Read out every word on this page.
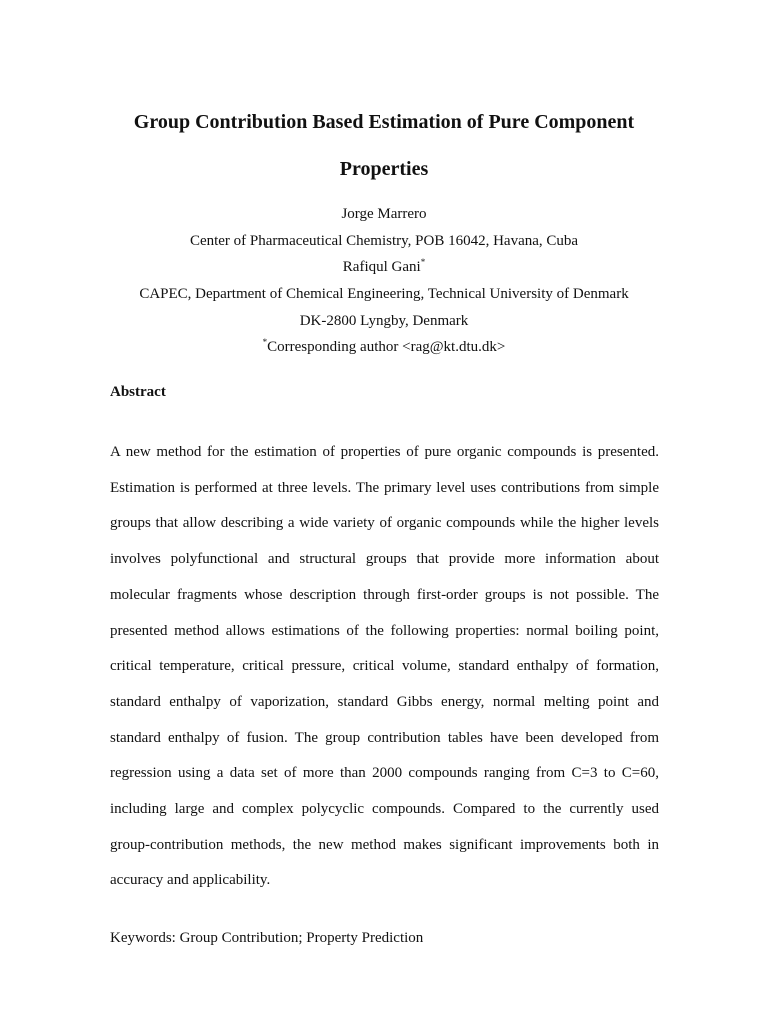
Group Contribution Based Estimation of Pure Component
Properties
Jorge Marrero
Center of Pharmaceutical Chemistry, POB 16042, Havana, Cuba
Rafiqul Gani*
CAPEC, Department of Chemical Engineering, Technical University of Denmark
DK-2800 Lyngby, Denmark
*Corresponding author <rag@kt.dtu.dk>
Abstract

A new method for the estimation of properties of pure organic compounds is presented. Estimation is performed at three levels. The primary level uses contributions from simple groups that allow describing a wide variety of organic compounds while the higher levels involves polyfunctional and structural groups that provide more information about molecular fragments whose description through first-order groups is not possible. The presented method allows estimations of the following properties: normal boiling point, critical temperature, critical pressure, critical volume, standard enthalpy of formation, standard enthalpy of vaporization, standard Gibbs energy, normal melting point and standard enthalpy of fusion. The group contribution tables have been developed from regression using a data set of more than 2000 compounds ranging from C=3 to C=60, including large and complex polycyclic compounds. Compared to the currently used group-contribution methods, the new method makes significant improvements both in accuracy and applicability.

Keywords: Group Contribution; Property Prediction
